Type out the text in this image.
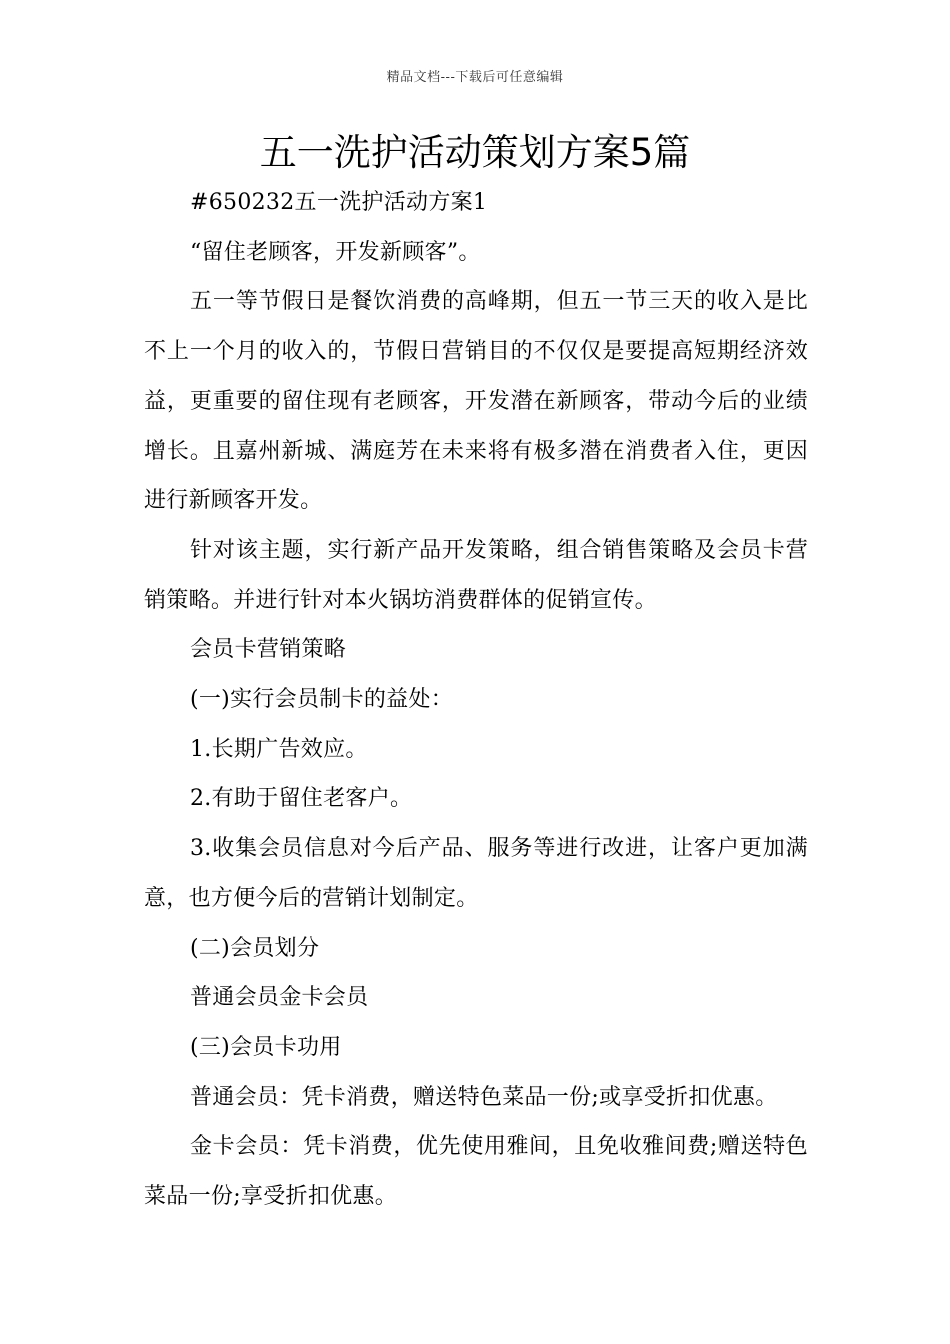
精品文档---下载后可任意编辑
五一洗护活动策划方案5篇

#650232五一洗护活动方案1

“留住老顾客，开发新顾客”。

五一等节假日是餐饮消费的高峰期，但五一节三天的收入是比不上一个月的收入的，节假日营销目的不仅仅是要提高短期经济效益，更重要的留住现有老顾客，开发潜在新顾客，带动今后的业绩增长。且嘉州新城、满庭芳在未来将有极多潜在消费者入住，更因进行新顾客开发。

针对该主题，实行新产品开发策略，组合销售策略及会员卡营销策略。并进行针对本火锅坊消费群体的促销宣传。

会员卡营销策略

(一)实行会员制卡的益处：

1.长期广告效应。

2.有助于留住老客户。

3.收集会员信息对今后产品、服务等进行改进，让客户更加满意，也方便今后的营销计划制定。

(二)会员划分

普通会员金卡会员

(三)会员卡功用

普通会员：凭卡消费，赠送特色菜品一份;或享受折扣优惠。

金卡会员：凭卡消费，优先使用雅间，且免收雅间费;赠送特色菜品一份;享受折扣优惠。
